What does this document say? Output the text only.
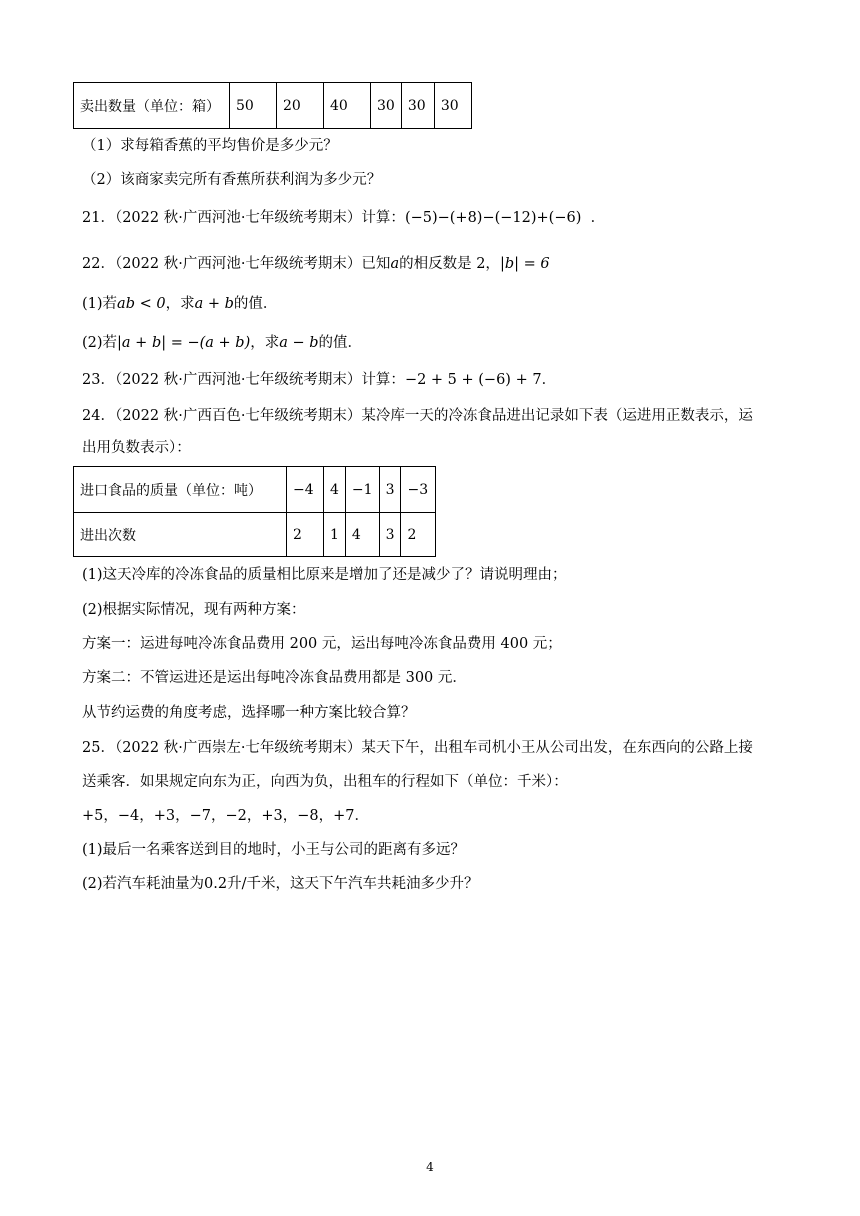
卖出数量（单位：箱）	50	20	40	30	30	30
（1）求每箱香蕉的平均售价是多少元？
（2）该商家卖完所有香蕉所获利润为多少元？
21．（2022 秋·广西河池·七年级统考期末）计算：(−5)−(+8)−(−12)+(−6) ．
22．（2022 秋·广西河池·七年级统考期末）已知a的相反数是 2，|b| = 6
(1)若ab < 0，求a + b的值．
(2)若|a + b| = −(a + b)，求a − b的值．
23．（2022 秋·广西河池·七年级统考期末）计算：−2 + 5 + (−6) + 7．
24．（2022 秋·广西百色·七年级统考期末）某冷库一天的冷冻食品进出记录如下表（运进用正数表示，运
出用负数表示）：
进口食品的质量（单位：吨）	−4	4	−1	3	−3
进出次数	2	1	4	3	2
(1)这天冷库的冷冻食品的质量相比原来是增加了还是减少了？请说明理由；
(2)根据实际情况，现有两种方案：
方案一：运进每吨冷冻食品费用 200 元，运出每吨冷冻食品费用 400 元；
方案二：不管运进还是运出每吨冷冻食品费用都是 300 元．
从节约运费的角度考虑，选择哪一种方案比较合算？
25．（2022 秋·广西崇左·七年级统考期末）某天下午，出租车司机小王从公司出发，在东西向的公路上接
送乘客．如果规定向东为正，向西为负，出租车的行程如下（单位：千米）：
+5，−4，+3，−7，−2，+3，−8，+7．
(1)最后一名乘客送到目的地时，小王与公司的距离有多远？
(2)若汽车耗油量为0.2升/千米，这天下午汽车共耗油多少升？
4
